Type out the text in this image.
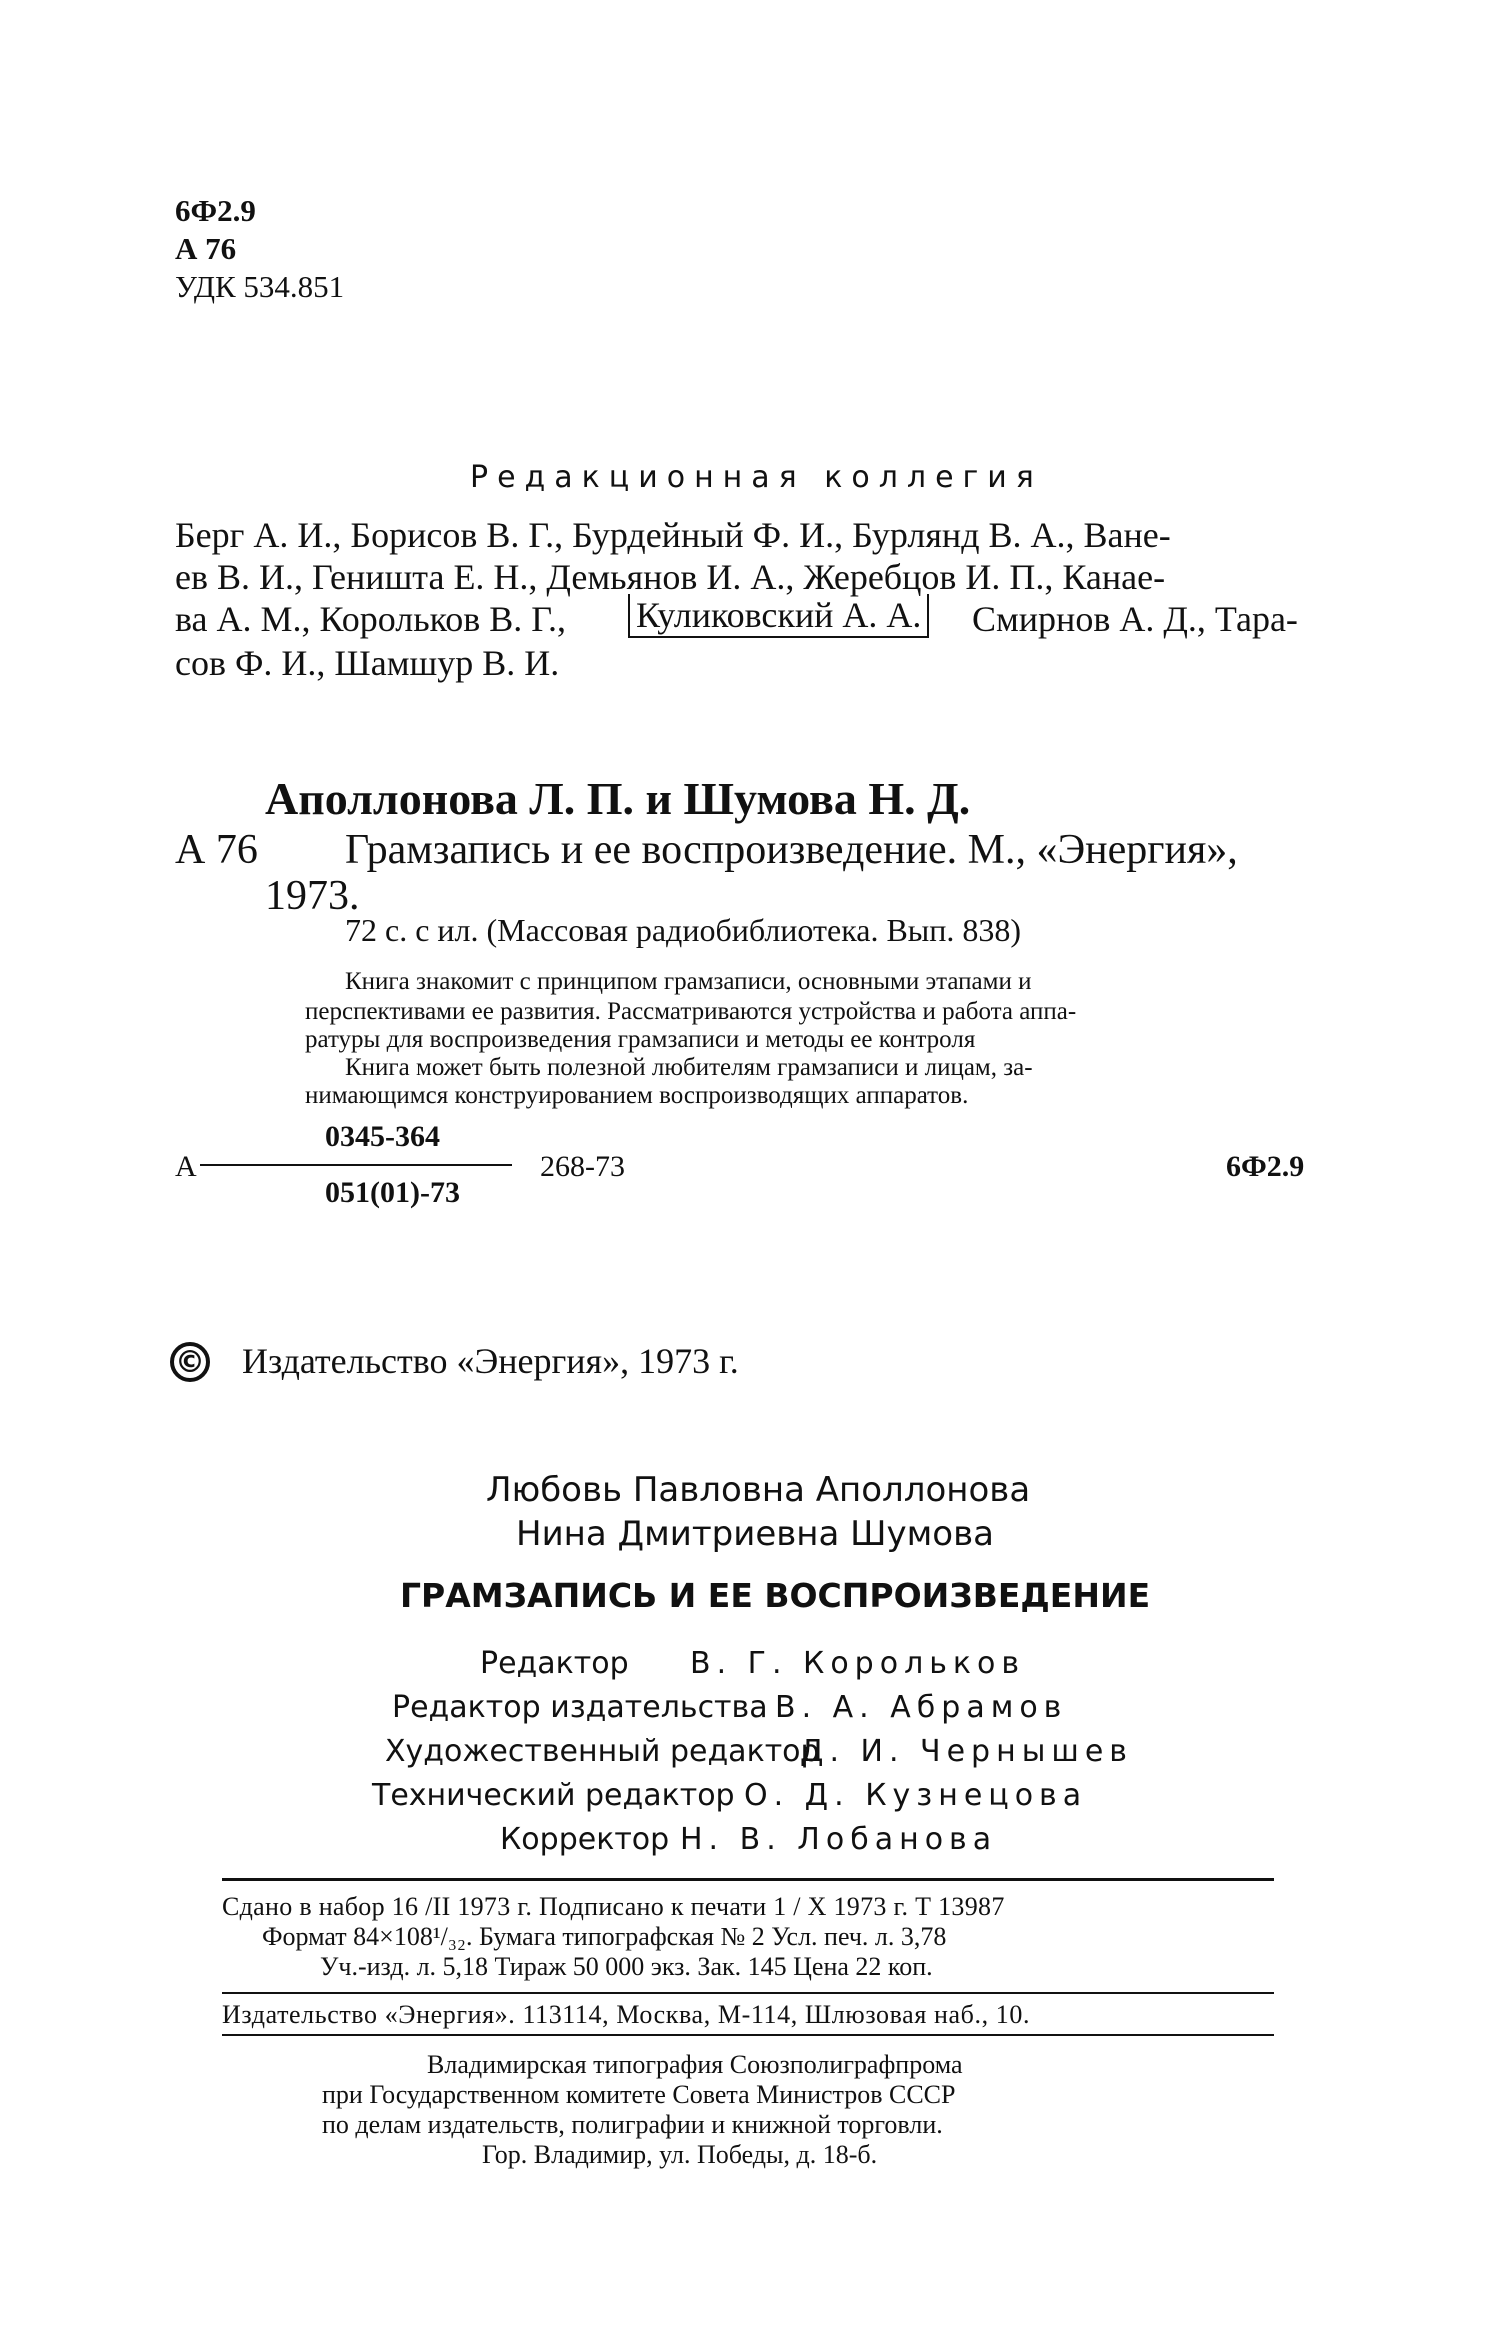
6Ф2.9
А 76
УДК 534.851
Редакционная коллегия
Берг А. И., Борисов В. Г., Бурдейный Ф. И., Бурлянд В. А., Ване-
ев В. И., Геништа Е. Н., Демьянов И. А., Жеребцов И. П., Канае-
ва А. М., Корольков В. Г., Куликовский А. А. Смирнов А. Д., Тара-
сов Ф. И., Шамшур В. И.
Аполлонова Л. П. и Шумова Н. Д.
А 76 Грамзапись и ее воспроизведение. М., «Энергия»,
1973.
72 с. с ил. (Массовая радиобиблиотека. Вып. 838)
Книга знакомит с принципом грамзаписи, основными этапами и
перспективами ее развития. Рассматриваются устройства и работа аппа-
ратуры для воспроизведения грамзаписи и методы ее контроля
Книга может быть полезной любителям грамзаписи и лицам, за-
нимающимся конструированием воспроизводящих аппаратов.
А
0345-364
051(01)-73
268-73	6Ф2.9
© Издательство «Энергия», 1973 г.
Любовь Павловна Аполлонова
Нина Дмитриевна Шумова
ГРАМЗАПИСЬ И ЕЕ ВОСПРОИЗВЕДЕНИЕ
Редактор В. Г. Корольков
Редактор издательства В. А. Абрамов
Художественный редактор
Д. И. Чернышев
Технический редактор О. Д. Кузнецова
Корректор Н. В. Лобанова
Сдано в набор 16 /II 1973 г. Подписано к печати 1 / X 1973 г. Т 13987
Формат 84×108¹/₃₂. Бумага типографская № 2 Усл. печ. л. 3,78
Уч.-изд. л. 5,18 Тираж 50 000 экз. Зак. 145 Цена 22 коп.
Издательство «Энергия». 113114, Москва, М-114, Шлюзовая наб., 10.
Владимирская типография Союзполиграфпрома
при Государственном комитете Совета Министров СССР
по делам издательств, полиграфии и книжной торговли.
Гор. Владимир, ул. Победы, д. 18-б.
